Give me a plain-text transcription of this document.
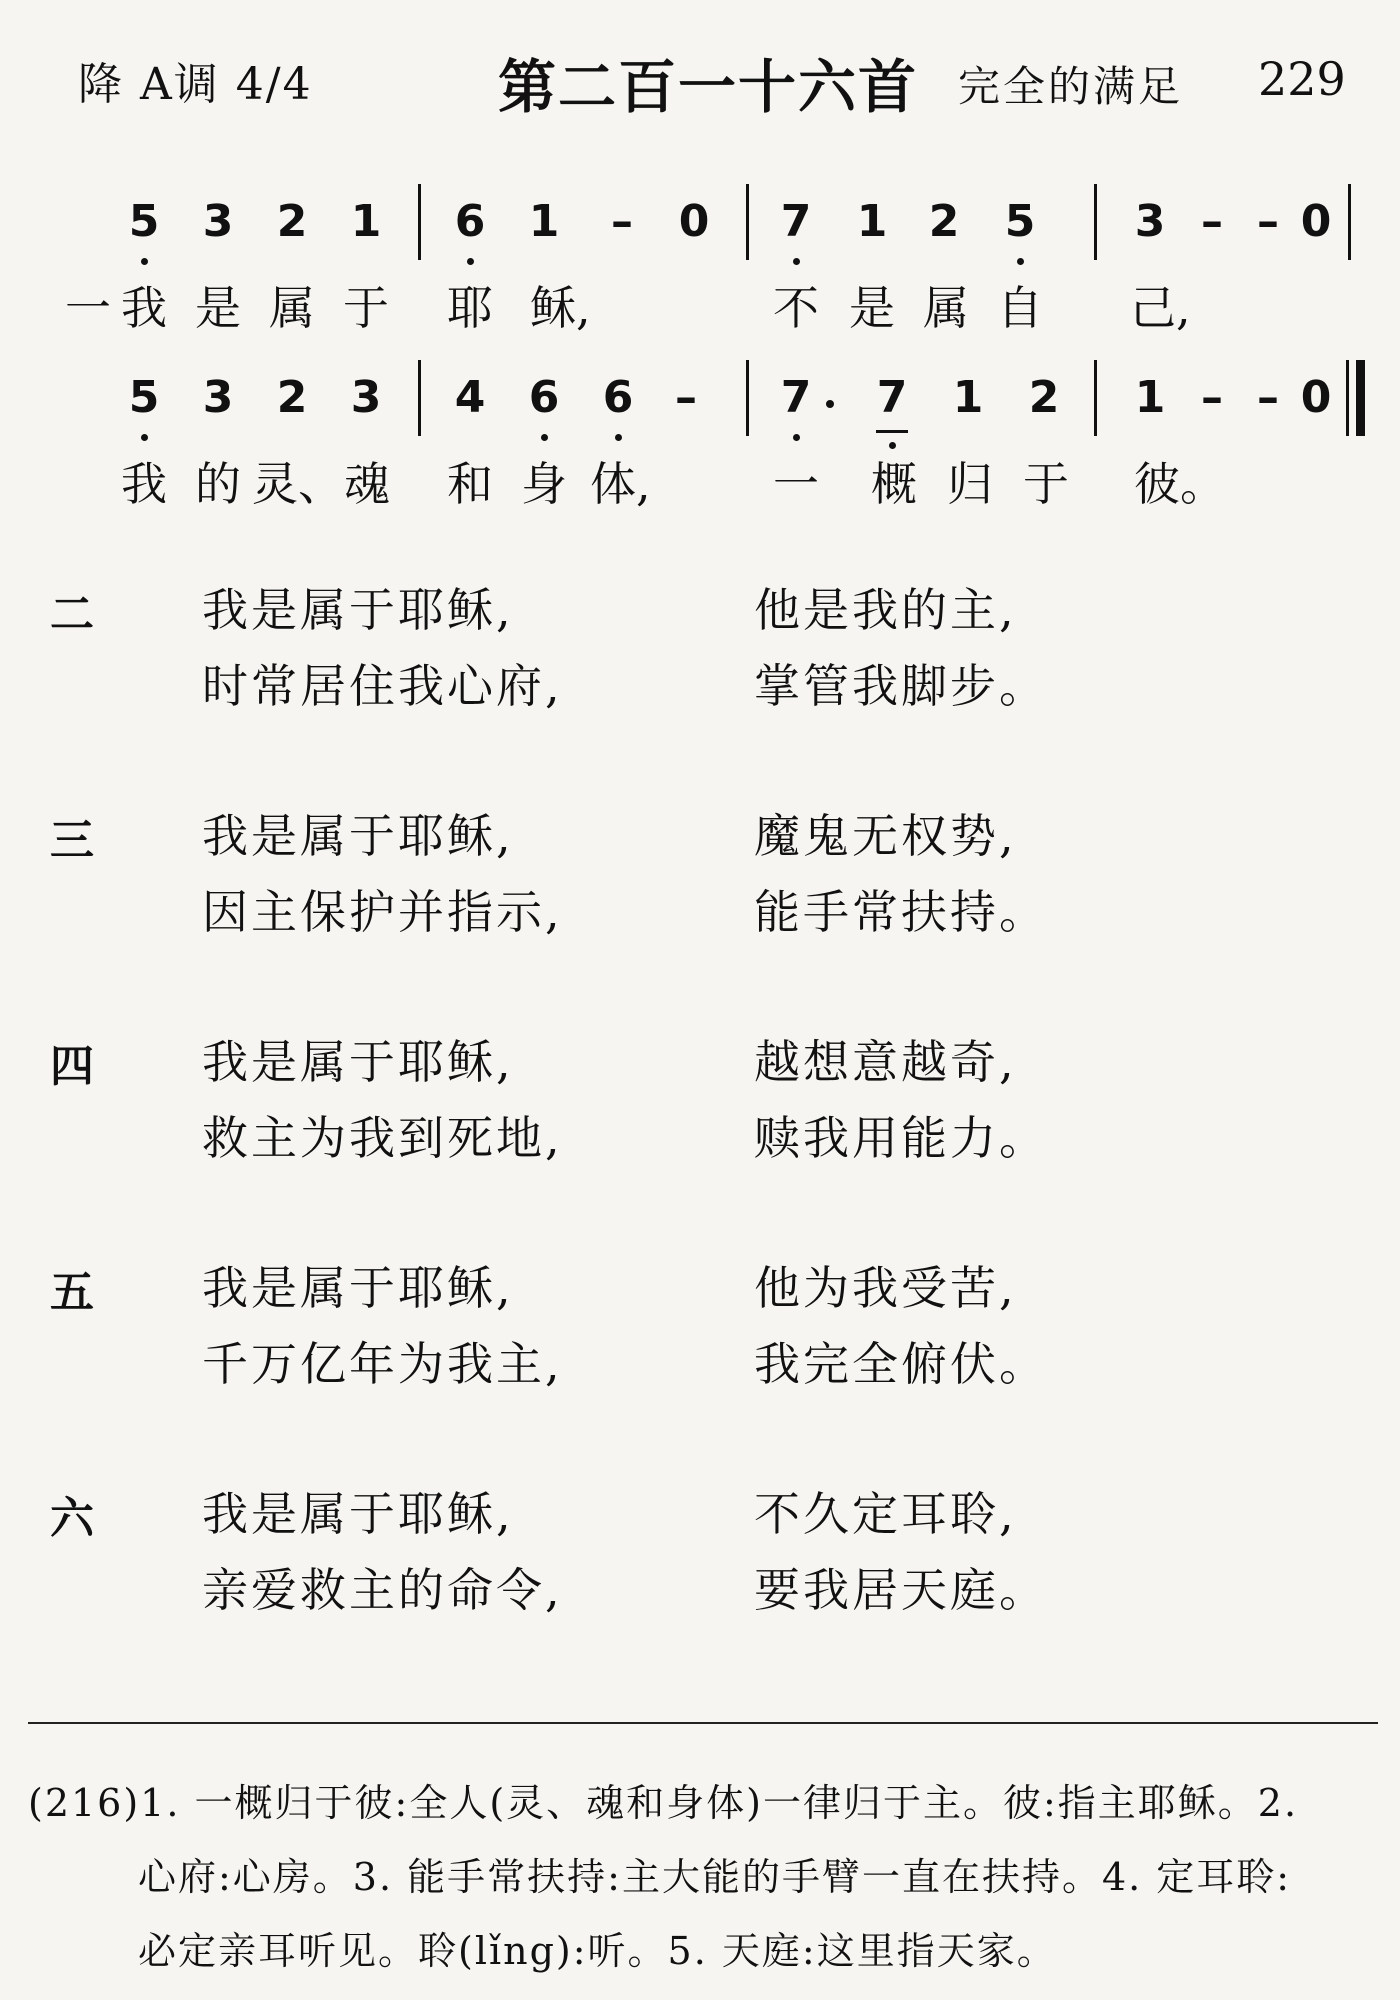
降 A调 4/4	第二百一十六首 完全的满足 229
5 3 2 1 6 1 – 0 7 1 2 5 3 – – 0
一 我 是 属 于 耶 稣,	不 是 属 自 己,
5 3 2 3 4 6 6 – 7 7 1 2 1 – – 0
我 的 灵、魂 和 身 体,	一 概 归 于 彼。
二 我是属于耶稣,	他是我的主,
时常居住我心府,	掌管我脚步。
三 我是属于耶稣,	魔鬼无权势,
因主保护并指示,	能手常扶持。
四 我是属于耶稣,	越想意越奇,
救主为我到死地,	赎我用能力。
五 我是属于耶稣,	他为我受苦,
千万亿年为我主,	我完全俯伏。
六 我是属于耶稣,	不久定耳聆,
亲爱救主的命令,	要我居天庭。
(216)1. 一概归于彼:全人(灵、魂和身体)一律归于主。彼:指主耶稣。2.
心府:心房。3. 能手常扶持:主大能的手臂一直在扶持。4. 定耳聆:
必定亲耳听见。聆(lǐng):听。5. 天庭:这里指天家。
